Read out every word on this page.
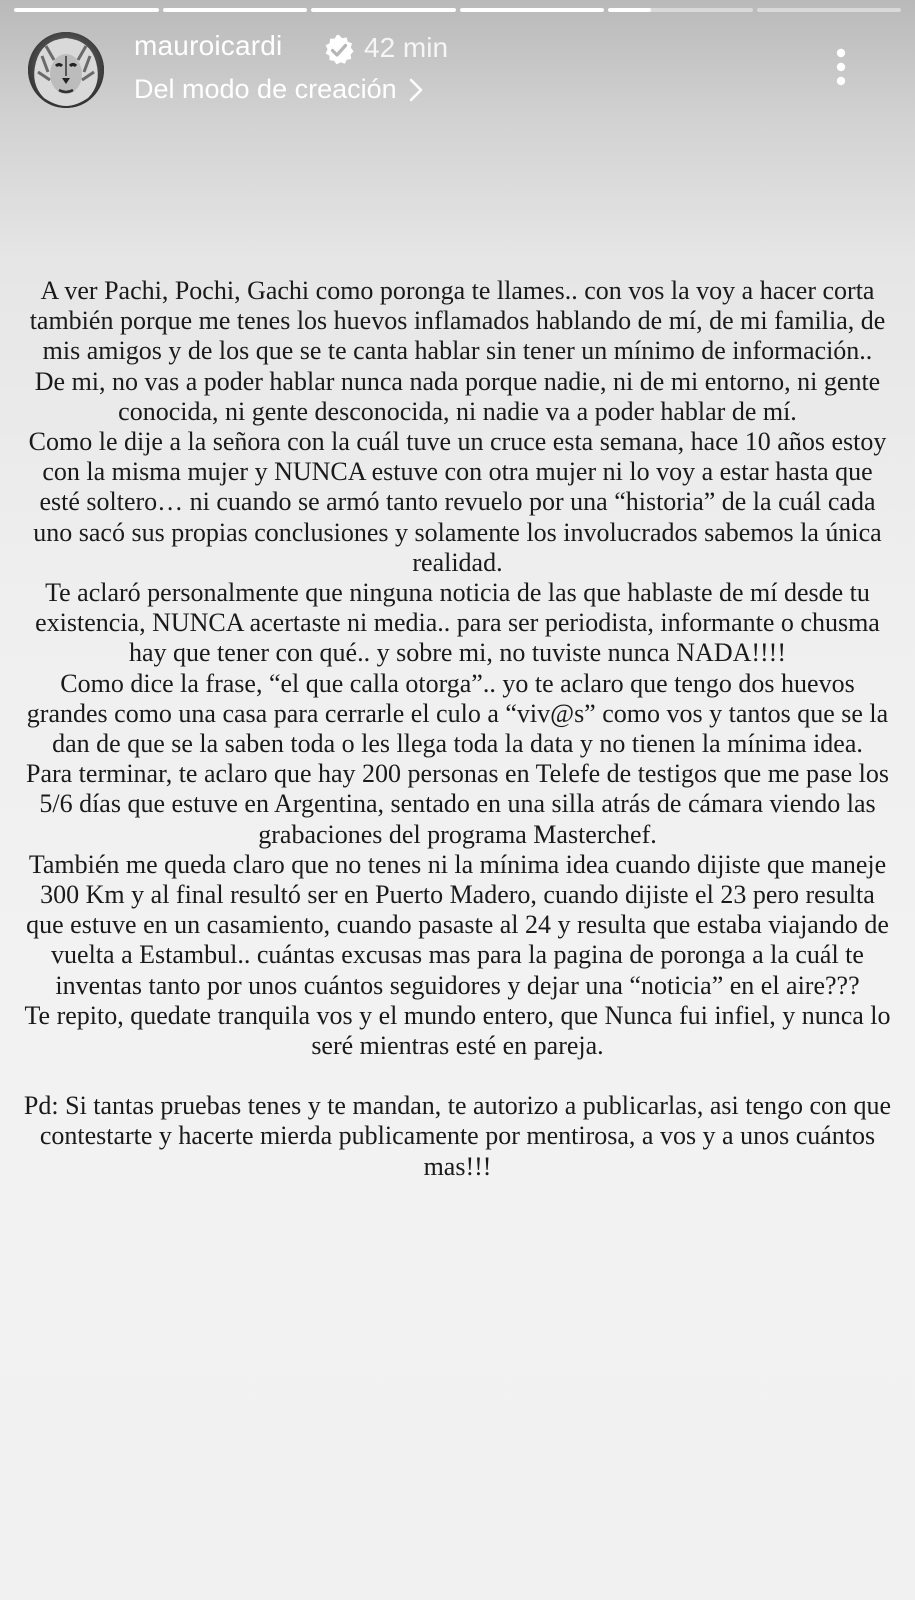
mauroicardi	42 min
Del modo de creación

A ver Pachi, Pochi, Gachi como poronga te llames.. con vos la voy a hacer corta también porque me tenes los huevos inflamados hablando de mí, de mi familia, de mis amigos y de los que se te canta hablar sin tener un mínimo de información..

De mi, no vas a poder hablar nunca nada porque nadie, ni de mi entorno, ni gente conocida, ni gente desconocida, ni nadie va a poder hablar de mí.

Como le dije a la señora con la cuál tuve un cruce esta semana, hace 10 años estoy con la misma mujer y NUNCA estuve con otra mujer ni lo voy a estar hasta que esté soltero… ni cuando se armó tanto revuelo por una “historia” de la cuál cada uno sacó sus propias conclusiones y solamente los involucrados sabemos la única realidad.

Te aclaró personalmente que ninguna noticia de las que hablaste de mí desde tu existencia, NUNCA acertaste ni media.. para ser periodista, informante o chusma hay que tener con qué.. y sobre mi, no tuviste nunca NADA!!!!

Como dice la frase, “el que calla otorga”.. yo te aclaro que tengo dos huevos grandes como una casa para cerrarle el culo a “viv@s” como vos y tantos que se la dan de que se la saben toda o les llega toda la data y no tienen la mínima idea.

Para terminar, te aclaro que hay 200 personas en Telefe de testigos que me pase los 5/6 días que estuve en Argentina, sentado en una silla atrás de cámara viendo las grabaciones del programa Masterchef.

También me queda claro que no tenes ni la mínima idea cuando dijiste que maneje 300 Km y al final resultó ser en Puerto Madero, cuando dijiste el 23 pero resulta que estuve en un casamiento, cuando pasaste al 24 y resulta que estaba viajando de vuelta a Estambul.. cuántas excusas mas para la pagina de poronga a la cuál te inventas tanto por unos cuántos seguidores y dejar una “noticia” en el aire???

Te repito, quedate tranquila vos y el mundo entero, que Nunca fui infiel, y nunca lo seré mientras esté en pareja.

Pd: Si tantas pruebas tenes y te mandan, te autorizo a publicarlas, asi tengo con que contestarte y hacerte mierda publicamente por mentirosa, a vos y a unos cuántos mas!!!
